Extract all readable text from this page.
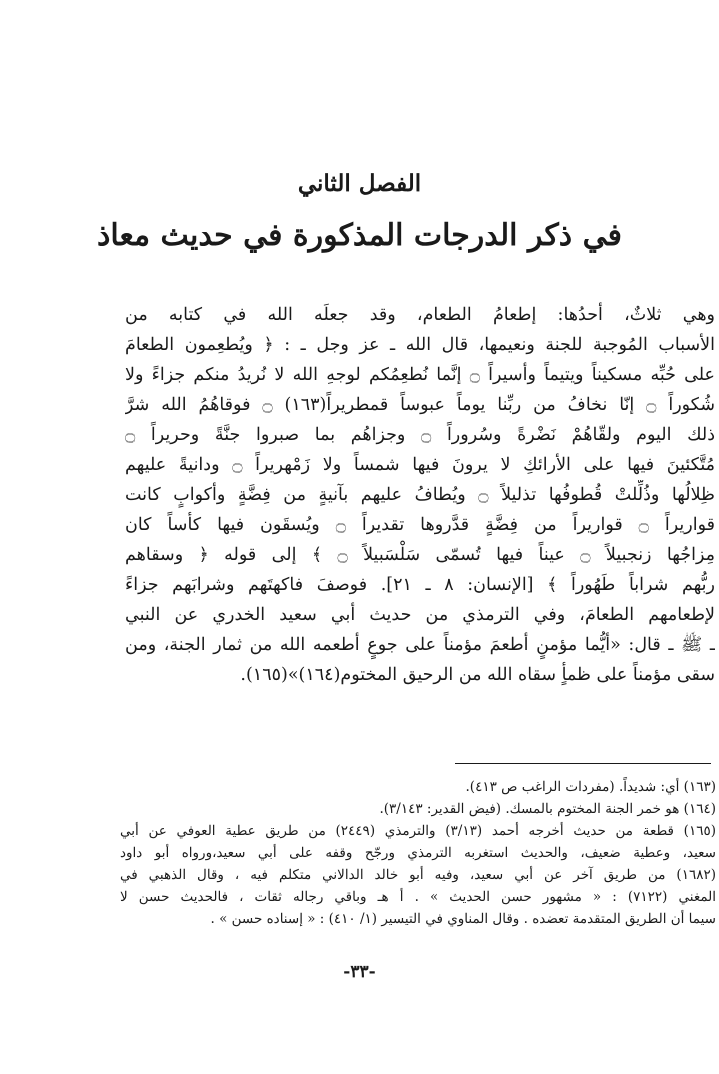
الفصل الثاني
في ذكر الدرجات المذكورة في حديث معاذ
وهي ثلاثٌ، أحدُها: إطعامُ الطعام، وقد جعلَه الله في كتابه من
الأسباب المُوجبة للجنة ونعيمها، قال الله ـ عز وجل ـ : ﴿ ويُطعِمون الطعامَ
على حُبِّه مسكيناً ويتيماً وأسيراً ۝ إنَّما نُطعِمُكم لوجهِ الله لا نُريدُ منكم جزاءً ولا
شُكوراً ۝ إنّا نخافُ من ربِّنا يوماً عبوساً قمطريراً(١٦٣) ۝ فوقاهُمُ الله شرَّ
ذلك اليوم ولقّاهُمْ نَضْرةً وسُروراً ۝ وجزاهُم بما صبروا جنَّةً وحريراً ۝
مُتَّكئينَ فيها على الأرائكِ لا يرونَ فيها شمساً ولا زَمْهريراً ۝ ودانيةً عليهم
ظِلالُها وذُلِّلتْ قُطوفُها تذليلاً ۝ ويُطافُ عليهم بآنيةٍ من فِضَّةٍ وأكوابٍ كانت
قواريراً ۝ قواريراً من فِضَّةٍ قدَّروها تقديراً ۝ ويُسقَون فيها كأساً كان
مِزاجُها زنجبيلاً ۝ عيناً فيها تُسمّى سَلْسَبيلاً ۝ ﴾ إلى قوله ﴿ وسقاهم
ربُّهم شراباً طَهُوراً ﴾ [الإنسان: ٨ ـ ٢١]. فوصفَ فاكهتَهم وشرابَهم جزاءً
لإطعامهم الطعامَ، وفي الترمذي من حديث أبي سعيد الخدري عن النبي
ـ ﷺ ـ قال: «أيُّما مؤمنٍ أطعمَ مؤمناً على جوعٍ أطعمه الله من ثمار الجنة، ومن
سقى مؤمناً على ظمأٍ سقاه الله من الرحيق المختوم(١٦٤)»(١٦٥).
(١٦٣) أي: شديداً. (مفردات الراغب ص ٤١٣).
(١٦٤) هو خمر الجنة المختوم بالمسك. (فيض القدير: ٣/١٤٣).
(١٦٥) قطعة من حديث أخرجه أحمد (٣/١٣) والترمذي (٢٤٤٩) من طريق عطية العوفي عن أبي
سعيد، وعطية ضعيف، والحديث استغربه الترمذي ورجّح وقفه على أبي سعيد،ورواه أبو داود
(١٦٨٢) من طريق آخر عن أبي سعيد، وفيه أبو خالد الدالاني متكلم فيه ، وقال الذهبي في
المغني (٧١٢٢) : « مشهور حسن الحديث » . أ هـ وباقي رجاله ثقات ، فالحديث حسن لا
سيما أن الطريق المتقدمة تعضده . وقال المناوي في التيسير (١/ ٤١٠) : « إسناده حسن » .
-٣٣-
